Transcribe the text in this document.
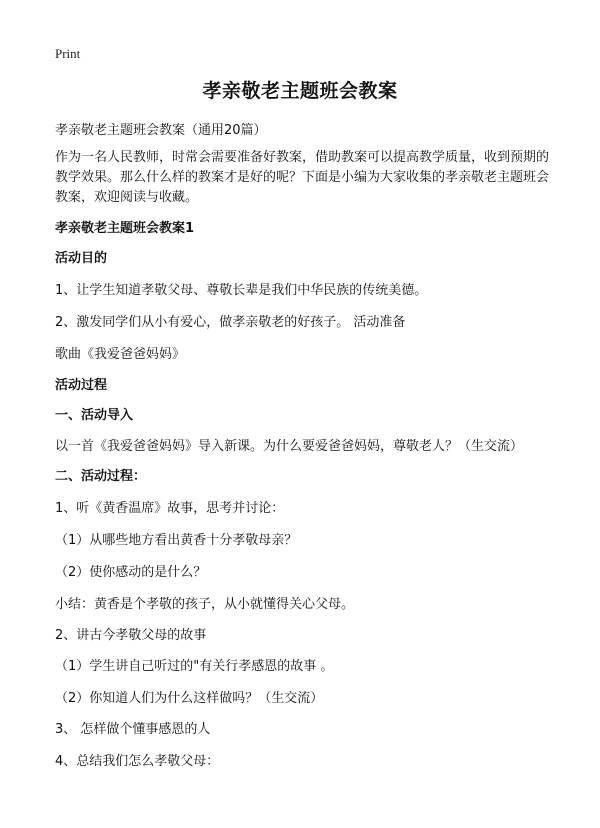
Print
孝亲敬老主题班会教案
孝亲敬老主题班会教案（通用20篇）

作为一名人民教师，时常会需要准备好教案，借助教案可以提高教学质量，收到预期的教学效果。那么什么样的教案才是好的呢？下面是小编为大家收集的孝亲敬老主题班会教案，欢迎阅读与收藏。

孝亲敬老主题班会教案1
活动目的
1、让学生知道孝敬父母、尊敬长辈是我们中华民族的传统美德。
2、激发同学们从小有爱心，做孝亲敬老的好孩子。 活动准备
歌曲《我爱爸爸妈妈》
活动过程
一、活动导入
以一首《我爱爸爸妈妈》导入新课。为什么要爱爸爸妈妈，尊敬老人？（生交流）
二、活动过程：
1、听《黄香温席》故事，思考并讨论：
（1）从哪些地方看出黄香十分孝敬母亲？
（2）使你感动的是什么？
小结：黄香是个孝敬的孩子，从小就懂得关心父母。
2、讲古今孝敬父母的故事
（1）学生讲自己听过的"有关行孝感恩的故事 。
（2）你知道人们为什么这样做吗？（生交流）
3、 怎样做个懂事感恩的人
4、总结我们怎么孝敬父母：
